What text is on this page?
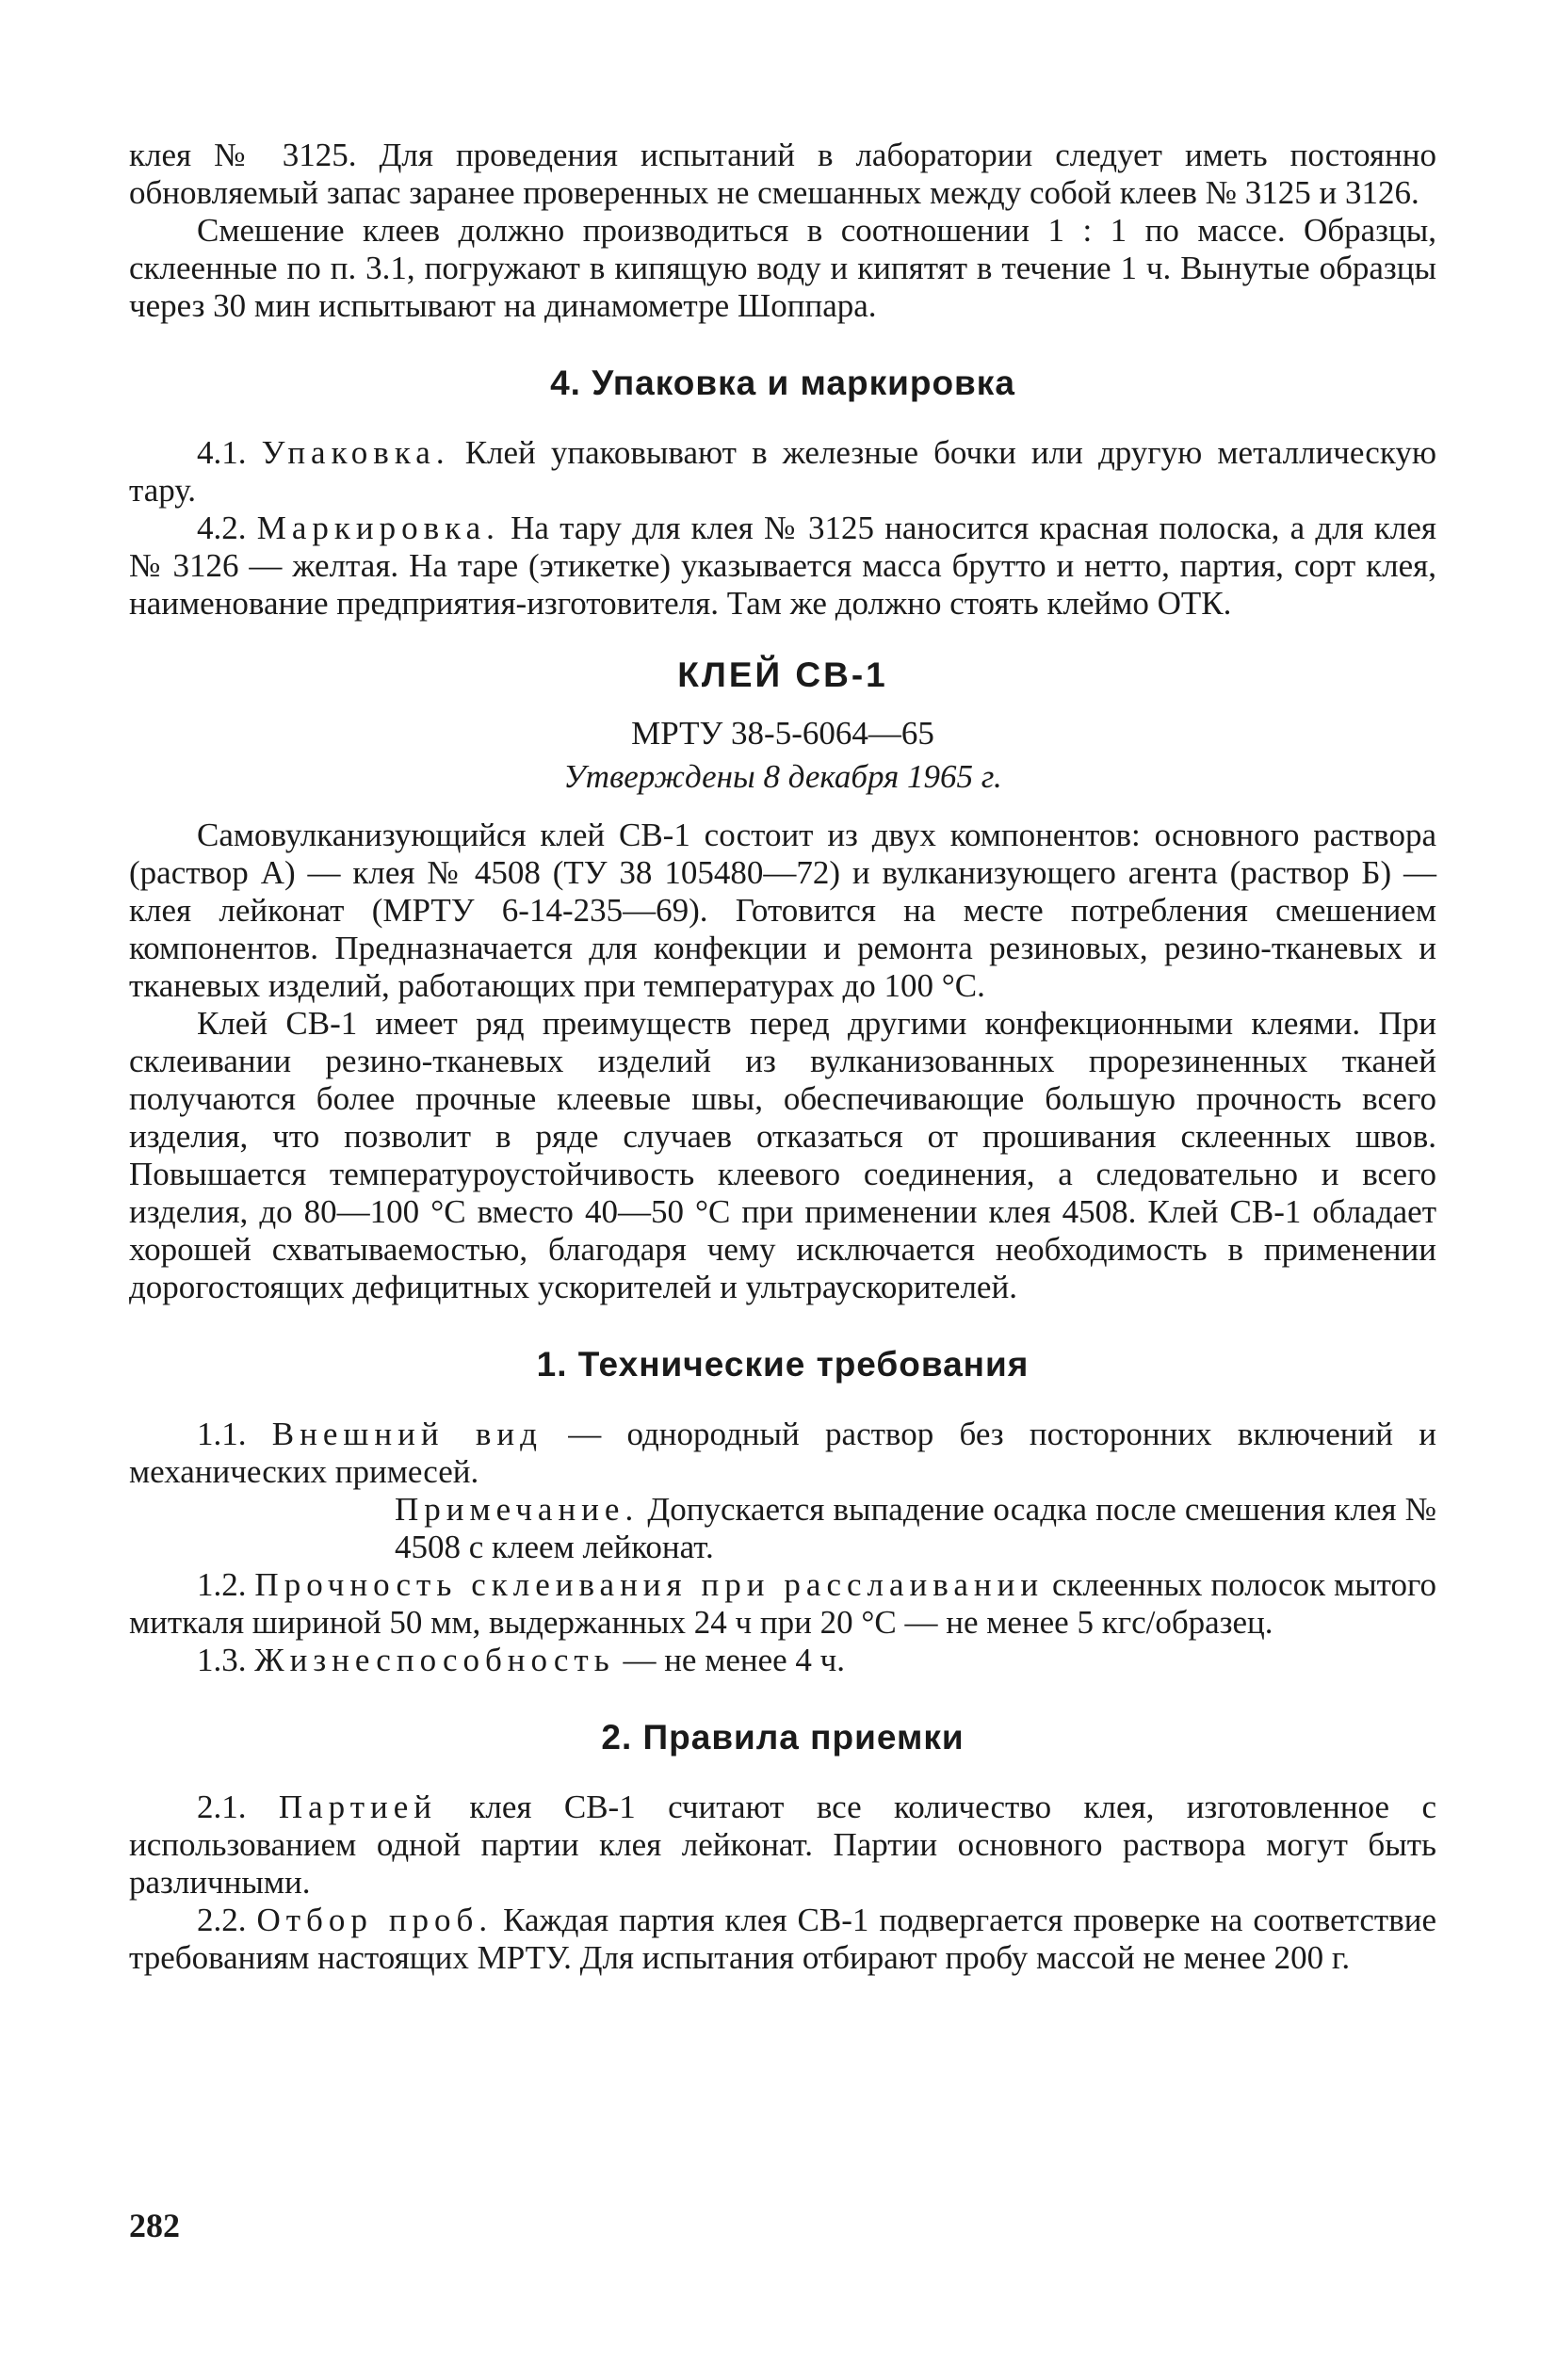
клея № 3125. Для проведения испытаний в лаборатории следует иметь постоянно обновляемый запас заранее проверенных не смешанных между собой клеев № 3125 и 3126.

Смешение клеев должно производиться в соотношении 1 : 1 по массе. Образцы, склеенные по п. 3.1, погружают в кипящую воду и кипятят в течение 1 ч. Вынутые образцы через 30 мин испытывают на динамометре Шоппара.

4. Упаковка и маркировка

4.1. Упаковка. Клей упаковывают в железные бочки или другую металлическую тару.

4.2. Маркировка. На тару для клея № 3125 наносится красная полоска, а для клея № 3126 — желтая. На таре (этикетке) указывается масса брутто и нетто, партия, сорт клея, наименование предприятия-изготовителя. Там же должно стоять клеймо ОТК.

КЛЕЙ СВ-1

МРТУ 38-5-6064—65

Утверждены 8 декабря 1965 г.

Самовулканизующийся клей СВ-1 состоит из двух компонентов: основного раствора (раствор А) — клея № 4508 (ТУ 38 105480—72) и вулканизующего агента (раствор Б) — клея лейконат (МРТУ 6-14-235—69). Готовится на месте потребления смешением компонентов. Предназначается для конфекции и ремонта резиновых, резино-тканевых и тканевых изделий, работающих при температурах до 100 °С.

Клей СВ-1 имеет ряд преимуществ перед другими конфекционными клеями. При склеивании резино-тканевых изделий из вулканизованных прорезиненных тканей получаются более прочные клеевые швы, обеспечивающие большую прочность всего изделия, что позволит в ряде случаев отказаться от прошивания склеенных швов. Повышается температуроустойчивость клеевого соединения, а следовательно и всего изделия, до 80—100 °С вместо 40—50 °С при применении клея 4508. Клей СВ-1 обладает хорошей схватываемостью, благодаря чему исключается необходимость в применении дорогостоящих дефицитных ускорителей и ультраускорителей.

1. Технические требования

1.1. Внешний вид — однородный раствор без посторонних включений и механических примесей.

Примечание. Допускается выпадение осадка после смешения клея № 4508 с клеем лейконат.

1.2. Прочность склеивания при расслаивании склеенных полосок мытого миткаля шириной 50 мм, выдержанных 24 ч при 20 °С — не менее 5 кгс/образец.

1.3. Жизнеспособность — не менее 4 ч.

2. Правила приемки

2.1. Партией клея СВ-1 считают все количество клея, изготовленное с использованием одной партии клея лейконат. Партии основного раствора могут быть различными.

2.2. Отбор проб. Каждая партия клея СВ-1 подвергается проверке на соответствие требованиям настоящих МРТУ. Для испытания отбирают пробу массой не менее 200 г.

282
